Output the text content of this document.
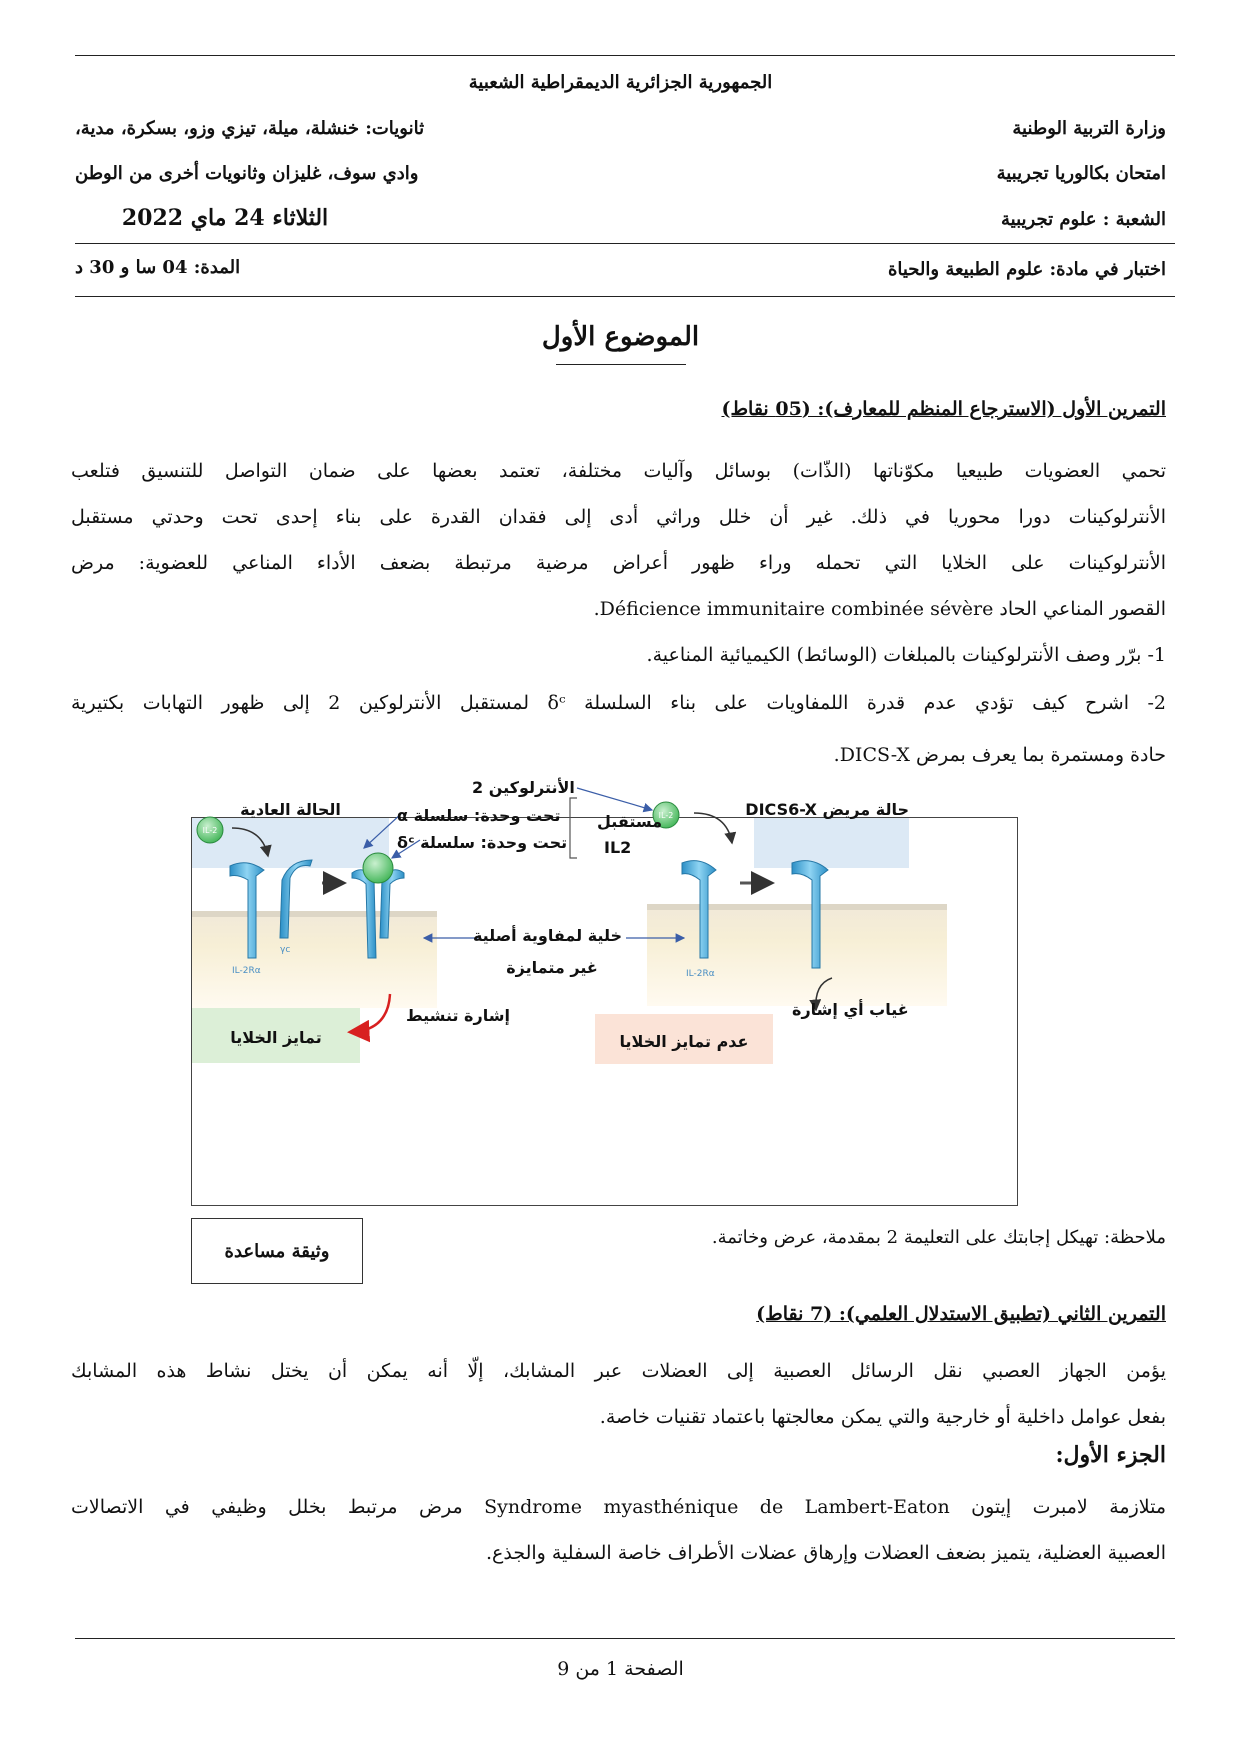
الجمهورية الجزائرية الديمقراطية الشعبية
وزارة التربية الوطنية
ثانويات: خنشلة، ميلة، تيزي وزو، بسكرة، مدية،
امتحان بكالوريا تجريبية
وادي سوف، غليزان وثانويات أخرى من الوطن
الشعبة : علوم تجريبية
الثلاثاء 24 ماي 2022
اختبار في مادة: علوم الطبيعة والحياة
المدة: 04 سا و 30 د
الموضوع الأول
التمرين الأول (الاسترجاع المنظم للمعارف): (05 نقاط)
تحمي العضويات طبيعيا مكوّناتها (الذّات) بوسائل وآليات مختلفة، تعتمد بعضها على ضمان التواصل للتنسيق فتلعب
الأنترلوكينات دورا محوريا في ذلك. غير أن خلل وراثي أدى إلى فقدان القدرة على بناء إحدى تحت وحدتي مستقبل
الأنترلوكينات على الخلايا التي تحمله وراء ظهور أعراض مرضية مرتبطة بضعف الأداء المناعي للعضوية: مرض
القصور المناعي الحاد Déficience immunitaire combinée sévère.
1- برّر وصف الأنترلوكينات بالمبلغات (الوسائط) الكيميائية المناعية.
2- اشرح كيف تؤدي عدم قدرة اللمفاويات على بناء السلسلة δᶜ لمستقبل الأنترلوكين 2 إلى ظهور التهابات بكتيرية
حادة ومستمرة بما يعرف بمرض DICS-X.
IL-2
IL-2
IL-2Rα
γc
IL-2Rα
الحالة العادية	حالة مريض DICS6-X
الأنترلوكين 2
تحت وحدة: سلسلة α
تحت وحدة: سلسلة δᶜ
مستقبل
IL2
خلية لمفاوية أصلية
غير متمايزة
إشارة تنشيط	غياب أي إشارة
تمايز الخلايا	عدم تمايز الخلايا
ملاحظة: تهيكل إجابتك على التعليمة 2 بمقدمة، عرض وخاتمة.
وثيقة مساعدة
التمرين الثاني (تطبيق الاستدلال العلمي): (7 نقاط)
يؤمن الجهاز العصبي نقل الرسائل العصبية إلى العضلات عبر المشابك، إلّا أنه يمكن أن يختل نشاط هذه المشابك
بفعل عوامل داخلية أو خارجية والتي يمكن معالجتها باعتماد تقنيات خاصة.
الجزء الأول:
متلازمة لامبرت إيتون Syndrome myasthénique de Lambert-Eaton مرض مرتبط بخلل وظيفي في الاتصالات
العصبية العضلية، يتميز بضعف العضلات وإرهاق عضلات الأطراف خاصة السفلية والجذع.
الصفحة 1 من 9
